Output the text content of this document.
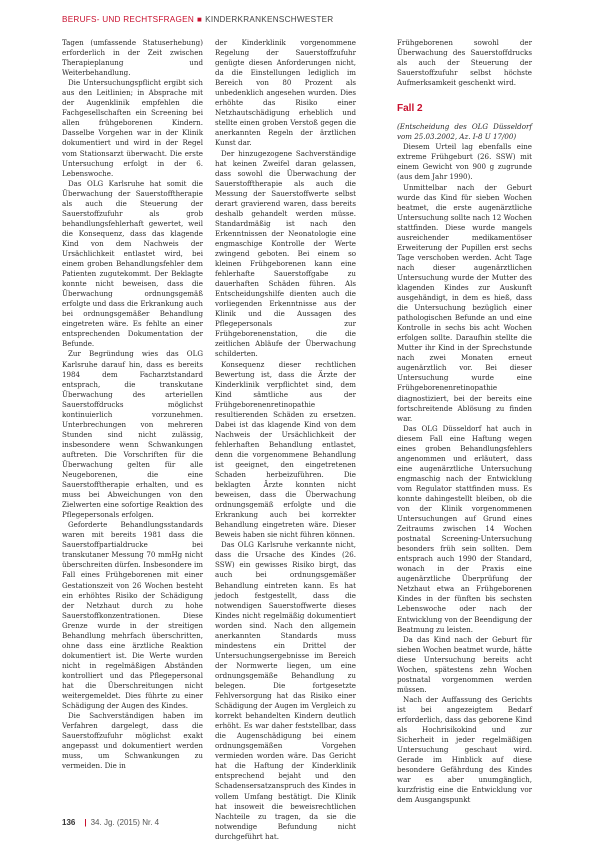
BERUFS- UND RECHTSFRAGEN ■ KINDERKRANKENSCHWESTER

Tagen (umfassende Statuserhebung) erforderlich in der Zeit zwischen Therapieplanung und Weiterbehandlung.

Die Untersuchungspflicht ergibt sich aus den Leitlinien; in Absprache mit der Augenklinik empfehlen die Fachgesellschaften ein Screening bei allen frühgeborenen Kindern. Dasselbe Vorgehen war in der Klinik dokumentiert und wird in der Regel vom Stationsarzt überwacht. Die erste Untersuchung erfolgt in der 6. Lebenswoche.

Das OLG Karlsruhe hat somit die Überwachung der Sauerstofftherapie als auch die Steuerung der Sauerstoffzufuhr als grob behandlungsfehlerhaft gewertet, weil die Konsequenz, dass das klagende Kind von dem Nachweis der Ursächlichkeit entlastet wird, bei einem groben Behandlungsfehler dem Patienten zugutekommt. Der Beklagte konnte nicht beweisen, dass die Überwachung ordnungsgemäß erfolgte und dass die Erkrankung auch bei ordnungsgemäßer Behandlung eingetreten wäre. Es fehlte an einer entsprechenden Dokumentation der Befunde.

Zur Begründung wies das OLG Karlsruhe darauf hin, dass es bereits 1984 dem Facharztstandard entsprach, die transkutane Überwachung des arteriellen Sauerstoffdrucks möglichst kontinuierlich vorzunehmen. Unterbrechungen von mehreren Stunden sind nicht zulässig, insbesondere wenn Schwankungen auftreten. Die Vorschriften für die Überwachung gelten für alle Neugeborenen, die eine Sauerstofftherapie erhalten, und es muss bei Abweichungen von den Zielwerten eine sofortige Reaktion des Pflegepersonals erfolgen.

Geforderte Behandlungsstandards waren mit bereits 1981 dass die Sauerstoffpartialdrucke bei transkutaner Messung 70 mmHg nicht überschreiten dürfen. Insbesondere im Fall eines Frühgeborenen mit einer Gestationszeit von 26 Wochen besteht ein erhöhtes Risiko der Schädigung der Netzhaut durch zu hohe Sauerstoffkonzentrationen. Diese Grenze wurde in der streitigen Behandlung mehrfach überschritten, ohne dass eine ärztliche Reaktion dokumentiert ist. Die Werte wurden nicht in regelmäßigen Abständen kontrolliert und das Pflegepersonal hat die Überschreitungen nicht weitergemeldet. Dies führte zu einer Schädigung der Augen des Kindes.

Die Sachverständigen haben im Verfahren dargelegt, dass die Sauerstoffzufuhr möglichst exakt angepasst und dokumentiert werden muss, um Schwankungen zu vermeiden. Die in

der Kinderklinik vorgenommene Regelung der Sauerstoffzufuhr genügte diesen Anforderungen nicht, da die Einstellungen lediglich im Bereich von 80 Prozent als unbedenklich angesehen wurden. Dies erhöhte das Risiko einer Netzhautschädigung erheblich und stellte einen groben Verstoß gegen die anerkannten Regeln der ärztlichen Kunst dar.

Der hinzugezogene Sachverständige hat keinen Zweifel daran gelassen, dass sowohl die Überwachung der Sauerstofftherapie als auch die Messung der Sauerstoffwerte selbst derart gravierend waren, dass bereits deshalb gehandelt werden müsse. Standardmäßig ist nach den Erkenntnissen der Neonatologie eine engmaschige Kontrolle der Werte zwingend geboten. Bei einem so kleinen Frühgeborenen kann eine fehlerhafte Sauerstoffgabe zu dauerhaften Schäden führen. Als Entscheidungshilfe dienten auch die vorliegenden Erkenntnisse aus der Klinik und die Aussagen des Pflegepersonals zur Frühgeborenenstation, die die zeitlichen Abläufe der Überwachung schilderten.

Konsequenz dieser rechtlichen Bewertung ist, dass die Ärzte der Kinderklinik verpflichtet sind, dem Kind sämtliche aus der Frühgeborenenretinopathie resultierenden Schäden zu ersetzen. Dabei ist das klagende Kind von dem Nachweis der Ursächlichkeit der fehlerhaften Behandlung entlastet, denn die vorgenommene Behandlung ist geeignet, den eingetretenen Schaden herbeizuführen. Die beklagten Ärzte konnten nicht beweisen, dass die Überwachung ordnungsgemäß erfolgte und die Erkrankung auch bei korrekter Behandlung eingetreten wäre. Dieser Beweis haben sie nicht führen können.

Das OLG Karlsruhe verkannte nicht, dass die Ursache des Kindes (26. SSW) ein gewisses Risiko birgt, das auch bei ordnungsgemäßer Behandlung eintreten kann. Es hat jedoch festgestellt, dass die notwendigen Sauerstoffwerte dieses Kindes nicht regelmäßig dokumentiert worden sind. Nach den allgemein anerkannten Standards muss mindestens ein Drittel der Untersuchungsergebnisse im Bereich der Normwerte liegen, um eine ordnungsgemäße Behandlung zu belegen. Die fortgesetzte Fehlversorgung hat das Risiko einer Schädigung der Augen im Vergleich zu korrekt behandelten Kindern deutlich erhöht. Es war daher feststellbar, dass die Augenschädigung bei einem ordnungsgemäßen Vorgehen vermieden worden wäre. Das Gericht hat die Haftung der Kinderklinik entsprechend bejaht und den Schadensersatzanspruch des Kindes in vollem Umfang bestätigt. Die Klinik hat insoweit die beweisrechtlichen Nachteile zu tragen, da sie die notwendige Befundung nicht durchgeführt hat.

Frühgeborenen sowohl der Überwachung des Sauerstoffdrucks als auch der Steuerung der Sauerstoffzufuhr selbst höchste Aufmerksamkeit geschenkt wird.

Fall 2

(Entscheidung des OLG Düsseldorf vom 25.03.2002, Az. I-8 U 17/00)

Diesem Urteil lag ebenfalls eine extreme Frühgeburt (26. SSW) mit einem Gewicht von 900 g zugrunde (aus dem Jahr 1990).

Unmittelbar nach der Geburt wurde das Kind für sieben Wochen beatmet, die erste augenärztliche Untersuchung sollte nach 12 Wochen stattfinden. Diese wurde mangels ausreichender medikamentöser Erweiterung der Pupillen erst sechs Tage verschoben werden. Acht Tage nach dieser augenärztlichen Untersuchung wurde der Mutter des klagenden Kindes zur Auskunft ausgehändigt, in dem es hieß, dass die Untersuchung bezüglich einer pathologischen Befunde an und eine Kontrolle in sechs bis acht Wochen erfolgen sollte. Daraufhin stellte die Mutter ihr Kind in der Sprechstunde nach zwei Monaten erneut augenärztlich vor. Bei dieser Untersuchung wurde eine Frühgeborenenretinopathie diagnostiziert, bei der bereits eine fortschreitende Ablösung zu finden war.

Das OLG Düsseldorf hat auch in diesem Fall eine Haftung wegen eines groben Behandlungsfehlers angenommen und erläutert, dass eine augenärztliche Untersuchung engmaschig nach der Entwicklung vom Regulator stattfinden muss. Es konnte dahingestellt bleiben, ob die von der Klinik vorgenommenen Untersuchungen auf Grund eines Zeitraums zwischen 14 Wochen postnatal Screening-Untersuchung besonders früh sein sollten. Dem entsprach auch 1990 der Standard, wonach in der Praxis eine augenärztliche Überprüfung der Netzhaut etwa an Frühgeborenen Kindes in der fünften bis sechsten Lebenswoche oder nach der Entwicklung von der Beendigung der Beatmung zu leisten.

Da das Kind nach der Geburt für sieben Wochen beatmet wurde, hätte diese Untersuchung bereits acht Wochen, spätestens zehn Wochen postnatal vorgenommen werden müssen.

Nach der Auffassung des Gerichts ist bei angezeigtem Bedarf erforderlich, dass das geborene Kind als Hochrisikokind und zur Sicherheit in jeder regelmäßigen Untersuchung geschaut wird. Gerade im Hinblick auf diese besondere Gefährdung des Kindes war es aber unumgänglich, kurzfristig eine die Entwicklung vor dem Ausgangspunkt

136 | 34. Jg. (2015) Nr. 4
